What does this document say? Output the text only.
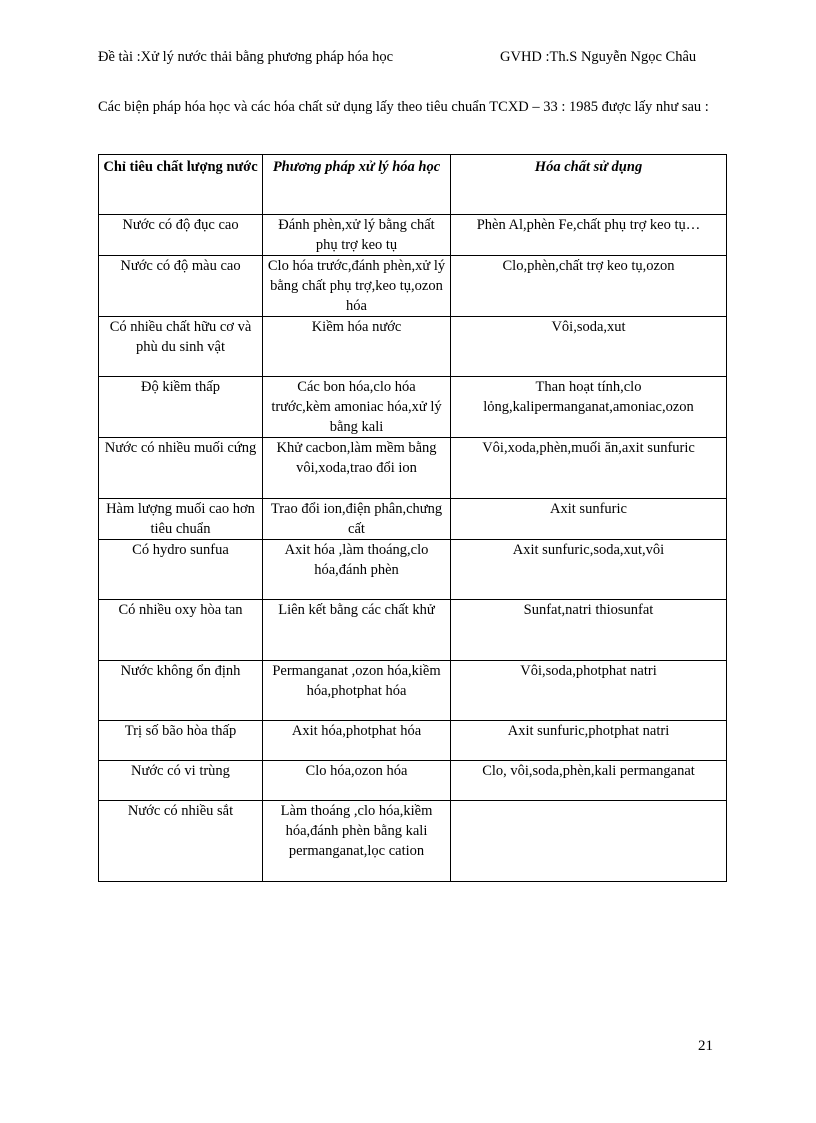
Đề tài :Xử lý nước thải bằng phương pháp hóa học	GVHD :Th.S Nguyễn Ngọc Châu
Các biện pháp hóa học và các hóa chất sử dụng lấy theo tiêu chuẩn TCXD – 33 : 1985 được lấy như sau :
Chỉ tiêu chất lượng nước	Phương pháp xử lý hóa học	Hóa chất sử dụng
Nước có độ đục cao	Đánh phèn,xử lý bằng chất phụ trợ keo tụ	Phèn Al,phèn Fe,chất phụ trợ keo tụ…
Nước có độ màu cao	Clo hóa trước,đánh phèn,xử lý bằng chất phụ trợ,keo tụ,ozon hóa	Clo,phèn,chất trợ keo tụ,ozon
Có nhiều chất hữu cơ và phù du sinh vật	Kiềm hóa nước	Vôi,soda,xut
Độ kiềm thấp	Các bon hóa,clo hóa trước,kèm amoniac hóa,xử lý bằng kali	Than hoạt tính,clo lỏng,kalipermanganat,amoniac,ozon
Nước có nhiều muối cứng	Khử cacbon,làm mềm bằng vôi,xoda,trao đổi ion	Vôi,xoda,phèn,muối ăn,axit sunfuric
Hàm lượng muối cao hơn tiêu chuẩn	Trao đổi ion,điện phân,chưng cất	Axit sunfuric
Có hydro sunfua	Axit hóa ,làm thoáng,clo hóa,đánh phèn	Axit sunfuric,soda,xut,vôi
Có nhiều oxy hòa tan	Liên kết bằng các chất khử	Sunfat,natri thiosunfat
Nước không ổn định	Permanganat ,ozon hóa,kiềm hóa,photphat hóa	Vôi,soda,photphat natri
Trị số bão hòa thấp	Axit hóa,photphat hóa	Axit sunfuric,photphat natri
Nước có vi trùng	Clo hóa,ozon hóa	Clo, vôi,soda,phèn,kali permanganat
Nước có nhiều sắt	Làm thoáng ,clo hóa,kiềm hóa,đánh phèn bằng kali permanganat,lọc cation	
21
